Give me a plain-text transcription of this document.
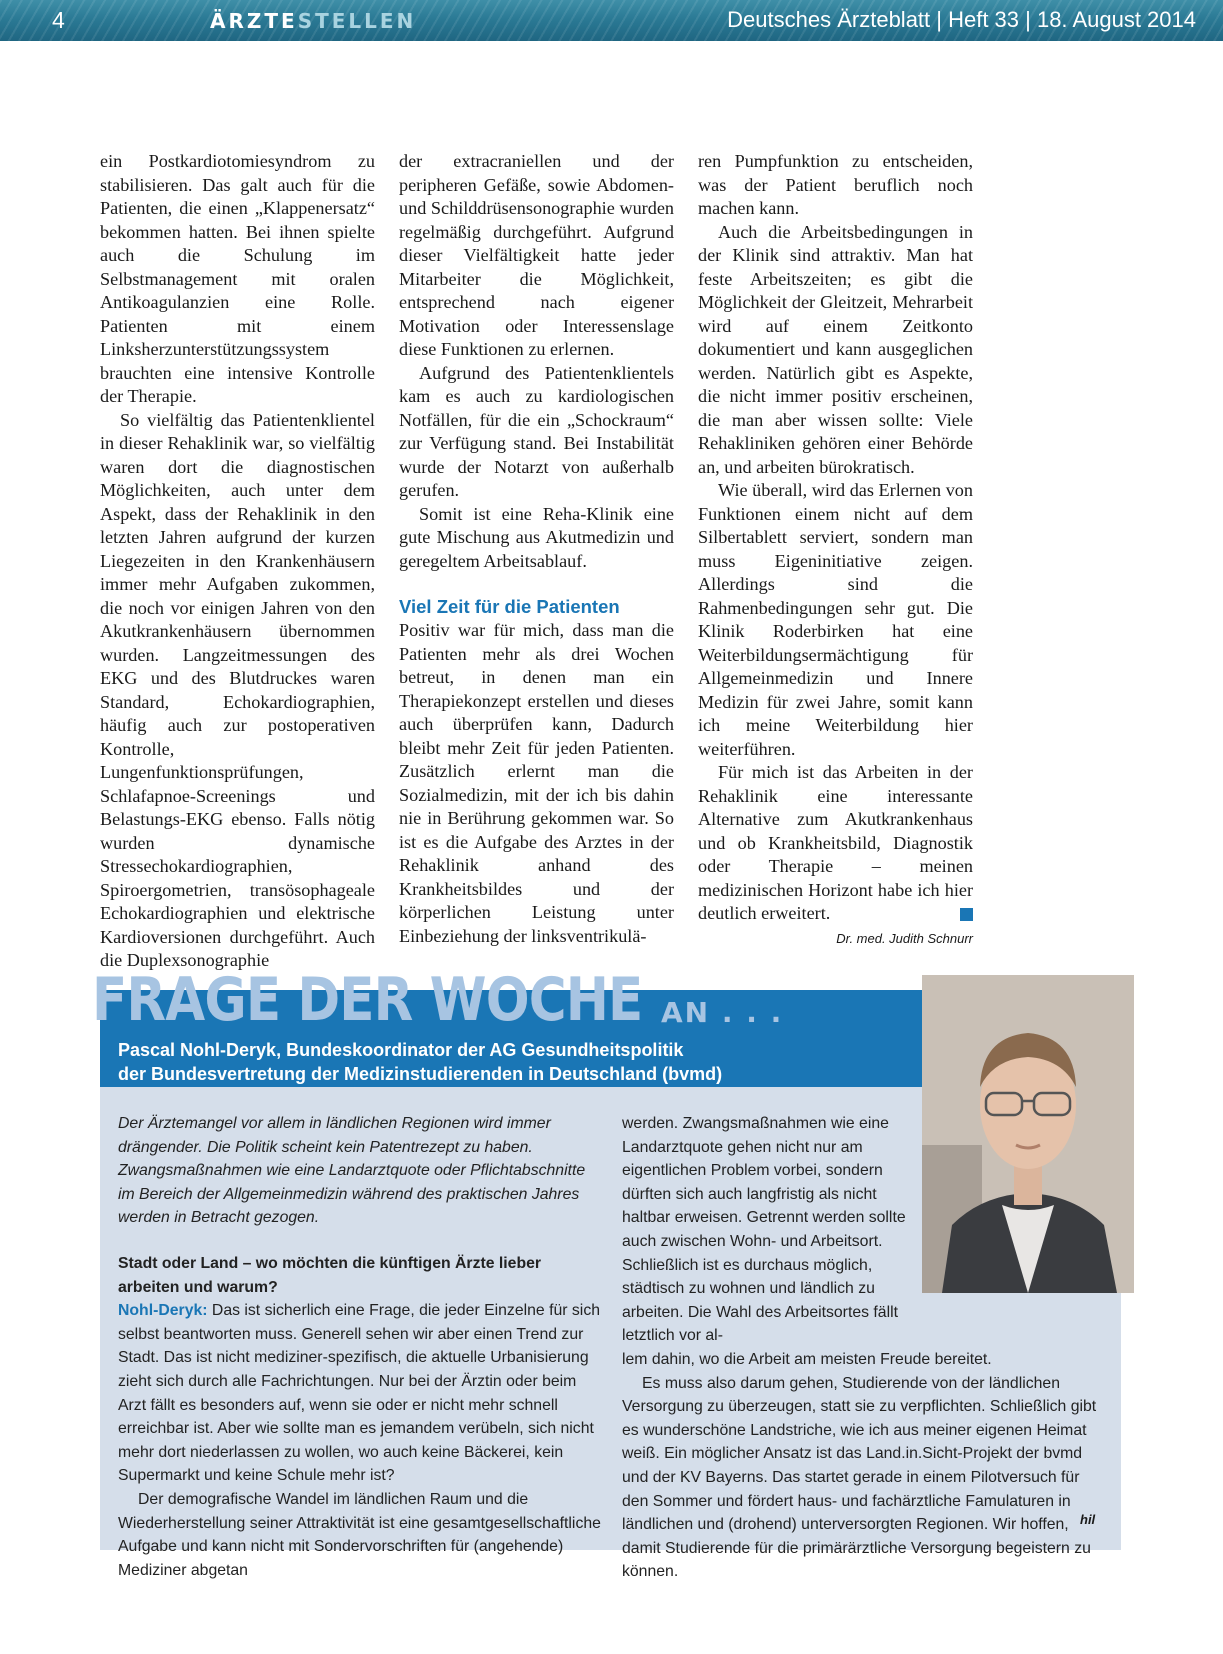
4	ÄRZTESTELLEN	Deutsches Ärzteblatt | Heft 33 | 18. August 2014

ein Postkardiotomiesyndrom zu stabilisieren. Das galt auch für die Patienten, die einen „Klappenersatz“ bekommen hatten. Bei ihnen spielte auch die Schulung im Selbstmanagement mit oralen Antikoagulanzien eine Rolle. Patienten mit einem Linksherzunterstützungssystem brauchten eine intensive Kontrolle der Therapie.

So vielfältig das Patientenklientel in dieser Rehaklinik war, so vielfältig waren dort die diagnostischen Möglichkeiten, auch unter dem Aspekt, dass der Rehaklinik in den letzten Jahren aufgrund der kurzen Liegezeiten in den Krankenhäusern immer mehr Aufgaben zukommen, die noch vor einigen Jahren von den Akutkrankenhäusern übernommen wurden. Langzeitmessungen des EKG und des Blutdruckes waren Standard, Echokardiographien, häufig auch zur postoperativen Kontrolle, Lungenfunktionsprüfungen, Schlafapnoe-Screenings und Belastungs-EKG ebenso. Falls nötig wurden dynamische Stressechokardiographien, Spiroergometrien, transösophageale Echokardiographien und elektrische Kardioversionen durchgeführt. Auch die Duplexsonographie

der extracraniellen und der peripheren Gefäße, sowie Abdomen- und Schilddrüsensonographie wurden regelmäßig durchgeführt. Aufgrund dieser Vielfältigkeit hatte jeder Mitarbeiter die Möglichkeit, entsprechend nach eigener Motivation oder Interessenslage diese Funktionen zu erlernen.

Aufgrund des Patientenklientels kam es auch zu kardiologischen Notfällen, für die ein „Schockraum“ zur Verfügung stand. Bei Instabilität wurde der Notarzt von außerhalb gerufen.

Somit ist eine Reha-Klinik eine gute Mischung aus Akutmedizin und geregeltem Arbeitsablauf.

Viel Zeit für die Patienten

Positiv war für mich, dass man die Patienten mehr als drei Wochen betreut, in denen man ein Therapiekonzept erstellen und dieses auch überprüfen kann, Dadurch bleibt mehr Zeit für jeden Patienten. Zusätzlich erlernt man die Sozialmedizin, mit der ich bis dahin nie in Berührung gekommen war. So ist es die Aufgabe des Arztes in der Rehaklinik anhand des Krankheitsbildes und der körperlichen Leistung unter Einbeziehung der linksventrikulä-

ren Pumpfunktion zu entscheiden, was der Patient beruflich noch machen kann.

Auch die Arbeitsbedingungen in der Klinik sind attraktiv. Man hat feste Arbeitszeiten; es gibt die Möglichkeit der Gleitzeit, Mehrarbeit wird auf einem Zeitkonto dokumentiert und kann ausgeglichen werden. Natürlich gibt es Aspekte, die nicht immer positiv erscheinen, die man aber wissen sollte: Viele Rehakliniken gehören einer Behörde an, und arbeiten bürokratisch.

Wie überall, wird das Erlernen von Funktionen einem nicht auf dem Silbertablett serviert, sondern man muss Eigeninitiative zeigen. Allerdings sind die Rahmenbedingungen sehr gut. Die Klinik Roderbirken hat eine Weiterbildungsermächtigung für Allgemeinmedizin und Innere Medizin für zwei Jahre, somit kann ich meine Weiterbildung hier weiterführen.

Für mich ist das Arbeiten in der Rehaklinik eine interessante Alternative zum Akutkrankenhaus und ob Krankheitsbild, Diagnostik oder Therapie – meinen medizinischen Horizont habe ich hier deutlich erweitert.

Dr. med. Judith Schnurr
FRAGE DER WOCHE AN . . .
Pascal Nohl-Deryk, Bundeskoordinator der AG Gesundheitspolitik
der Bundesvertretung der Medizinstudierenden in Deutschland (bvmd)

Der Ärztemangel vor allem in ländlichen Regionen wird immer drängender. Die Politik scheint kein Patentrezept zu haben. Zwangsmaßnahmen wie eine Landarztquote oder Pflichtabschnitte im Bereich der Allgemeinmedizin während des praktischen Jahres werden in Betracht gezogen.

Stadt oder Land – wo möchten die künftigen Ärzte lieber arbeiten und warum?

Nohl-Deryk: Das ist sicherlich eine Frage, die jeder Einzelne für sich selbst beantworten muss. Generell sehen wir aber einen Trend zur Stadt. Das ist nicht mediziner-spezifisch, die aktuelle Urbanisierung zieht sich durch alle Fachrichtungen. Nur bei der Ärztin oder beim Arzt fällt es besonders auf, wenn sie oder er nicht mehr schnell erreichbar ist. Aber wie sollte man es jemandem verübeln, sich nicht mehr dort niederlassen zu wollen, wo auch keine Bäckerei, kein Supermarkt und keine Schule mehr ist?

Der demografische Wandel im ländlichen Raum und die Wiederherstellung seiner Attraktivität ist eine gesamtgesellschaftliche Aufgabe und kann nicht mit Sondervorschriften für (angehende) Mediziner abgetan

werden. Zwangsmaßnahmen wie eine Landarztquote gehen nicht nur am eigentlichen Problem vorbei, sondern dürften sich auch langfristig als nicht haltbar erweisen. Getrennt werden sollte auch zwischen Wohn- und Arbeitsort. Schließlich ist es durchaus möglich, städtisch zu wohnen und ländlich zu arbeiten. Die Wahl des Arbeitsortes fällt letztlich vor al-

lem dahin, wo die Arbeit am meisten Freude bereitet.

Es muss also darum gehen, Studierende von der ländlichen Versorgung zu überzeugen, statt sie zu verpflichten. Schließlich gibt es wunderschöne Landstriche, wie ich aus meiner eigenen Heimat weiß. Ein möglicher Ansatz ist das Land.in.Sicht-Projekt der bvmd und der KV Bayerns. Das startet gerade in einem Pilotversuch für den Sommer und fördert haus- und fachärztliche Famulaturen in ländlichen und (drohend) unterversorgten Regionen. Wir hoffen, damit Studierende für die primärärztliche Versorgung begeistern zu können.

hil
